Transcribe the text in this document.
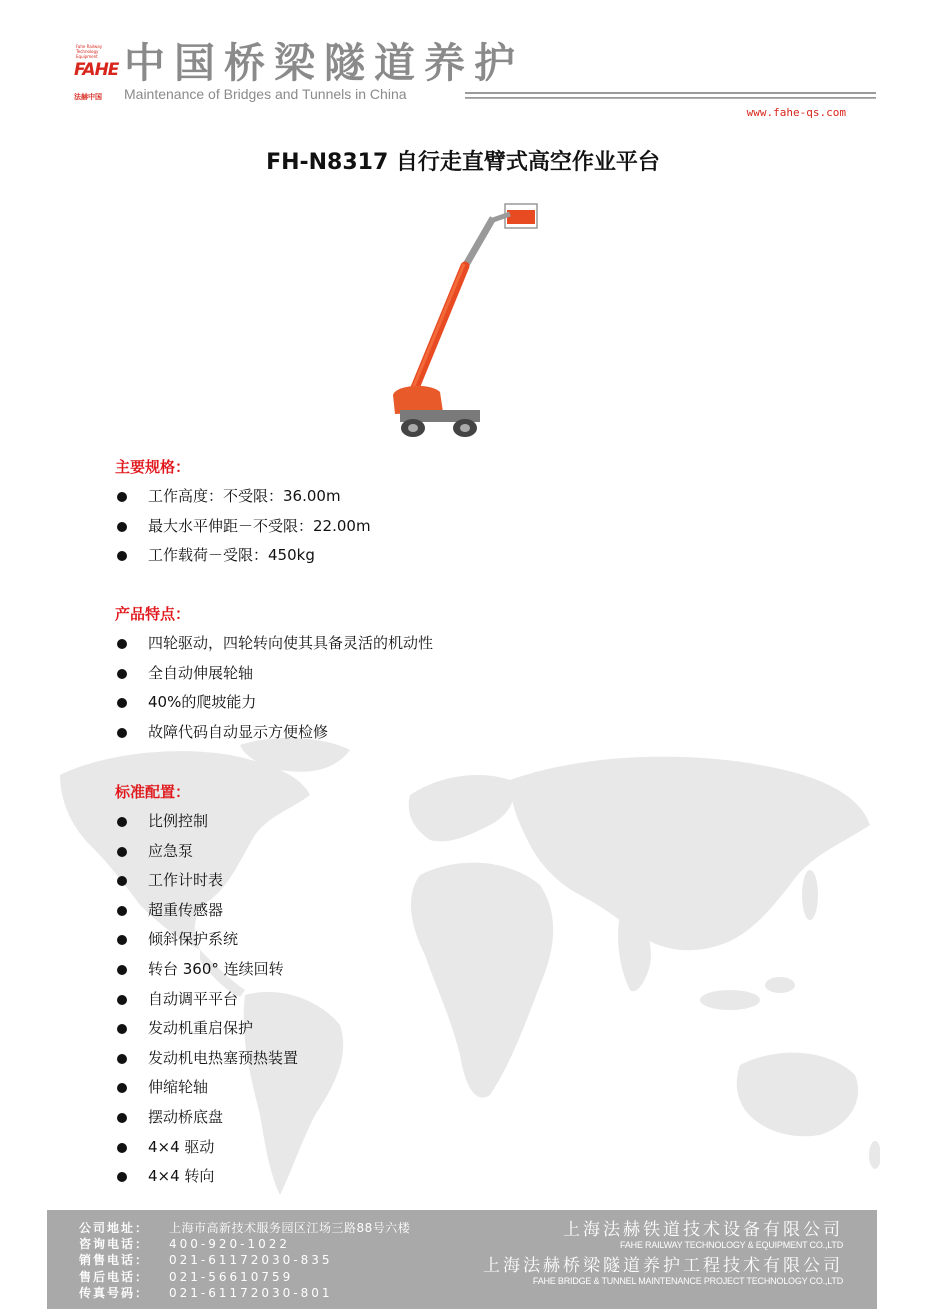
Fahe Railway Technology Equipment
FAHE
法赫中国
中国桥梁隧道养护
Maintenance of Bridges and Tunnels in China
www.fahe-qs.com
FH-N8317 自行走直臂式高空作业平台
主要规格：
工作高度：不受限：36.00m
最大水平伸距－不受限：22.00m
工作载荷－受限：450kg
产品特点：
四轮驱动，四轮转向使其具备灵活的机动性
全自动伸展轮轴
40%的爬坡能力
故障代码自动显示方便检修
标准配置：
比例控制
应急泵
工作计时表
超重传感器
倾斜保护系统
转台 360° 连续回转
自动调平平台
发动机重启保护
发动机电热塞预热装置
伸缩轮轴
摆动桥底盘
4×4 驱动
4×4 转向
公司地址： 上海市高新技术服务园区江场三路88号六楼
咨询电话： 400-920-1022
销售电话： 021-61172030-835
售后电话： 021-56610759
传真号码： 021-61172030-801
上海法赫铁道技术设备有限公司
FAHE RAILWAY TECHNOLOGY & EQUIPMENT CO.,LTD
上海法赫桥梁隧道养护工程技术有限公司
FAHE BRIDGE & TUNNEL MAINTENANCE PROJECT TECHNOLOGY CO.,LTD
